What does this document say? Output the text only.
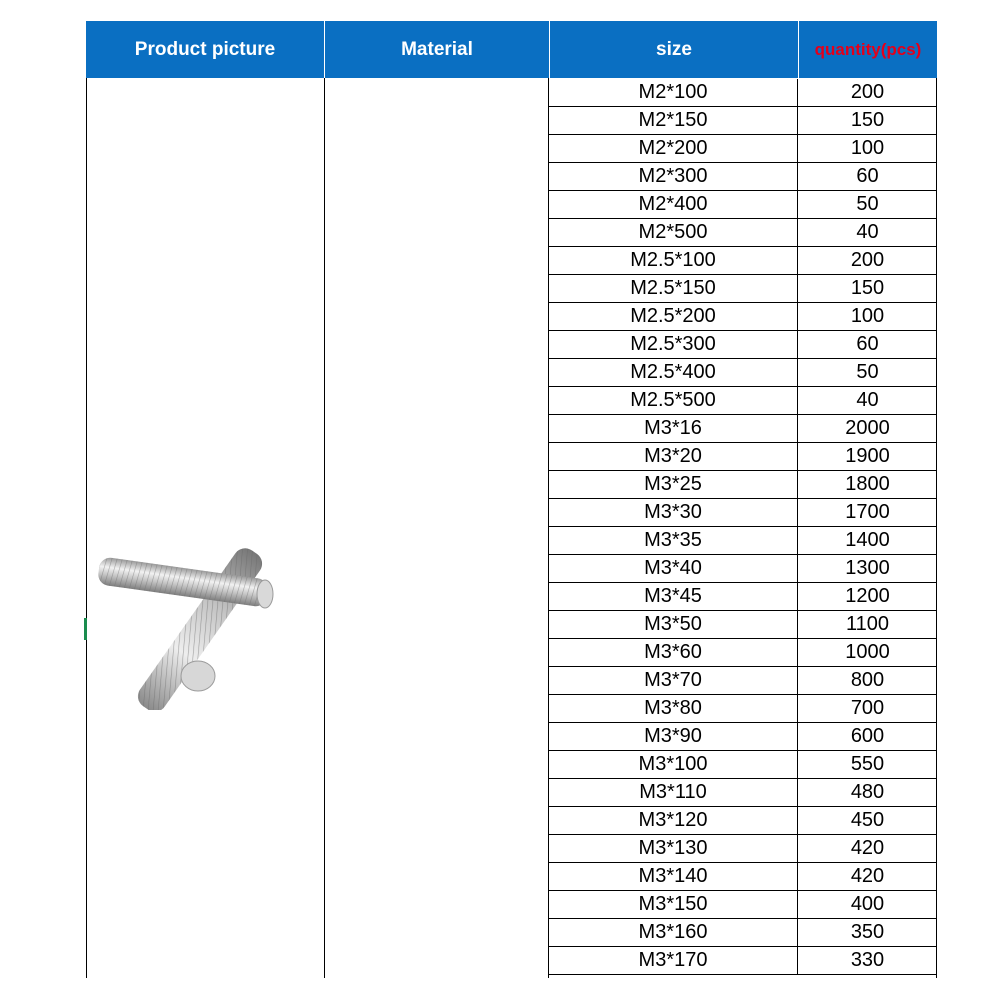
Product picture	Material	size	quantity(pcs)
M2*100	200
M2*150	150
M2*200	100
M2*300	60
M2*400	50
M2*500	40
M2.5*100	200
M2.5*150	150
M2.5*200	100
M2.5*300	60
M2.5*400	50
M2.5*500	40
M3*16	2000
M3*20	1900
M3*25	1800
M3*30	1700
M3*35	1400
M3*40	1300
M3*45	1200
M3*50	1100
M3*60	1000
M3*70	800
M3*80	700
M3*90	600
M3*100	550
M3*110	480
M3*120	450
M3*130	420
M3*140	420
M3*150	400
M3*160	350
M3*170	330
